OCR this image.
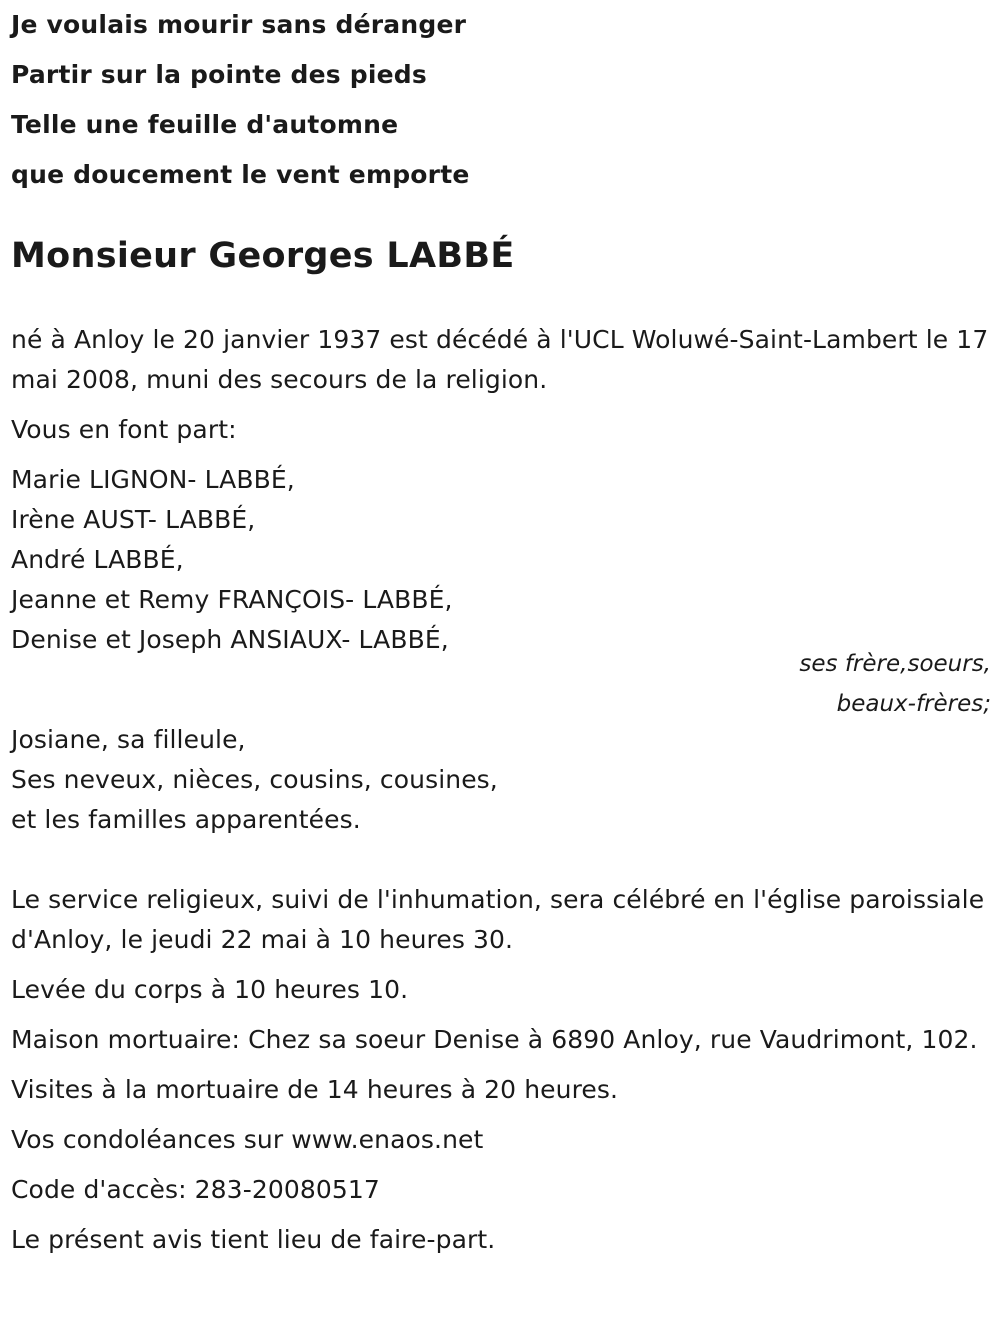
Je voulais mourir sans déranger

Partir sur la pointe des pieds

Telle une feuille d'automne

que doucement le vent emporte

Monsieur Georges LABBÉ

né à Anloy le 20 janvier 1937 est décédé à l'UCL Woluwé-Saint-Lambert le 17 mai 2008, muni des secours de la religion.

Vous en font part:

Marie LIGNON- LABBÉ,

Irène AUST- LABBÉ,

André LABBÉ,

Jeanne et Remy FRANÇOIS- LABBÉ,

Denise et Joseph ANSIAUX- LABBÉ,

ses frère,soeurs,

beaux-frères;

Josiane, sa filleule,

Ses neveux, nièces, cousins, cousines,

et les familles apparentées.

Le service religieux, suivi de l'inhumation, sera célébré en l'église paroissiale d'Anloy, le jeudi 22 mai à 10 heures 30.

Levée du corps à 10 heures 10.

Maison mortuaire: Chez sa soeur Denise à 6890 Anloy, rue Vaudrimont, 102.

Visites à la mortuaire de 14 heures à 20 heures.

Vos condoléances sur www.enaos.net

Code d'accès: 283-20080517

Le présent avis tient lieu de faire-part.
